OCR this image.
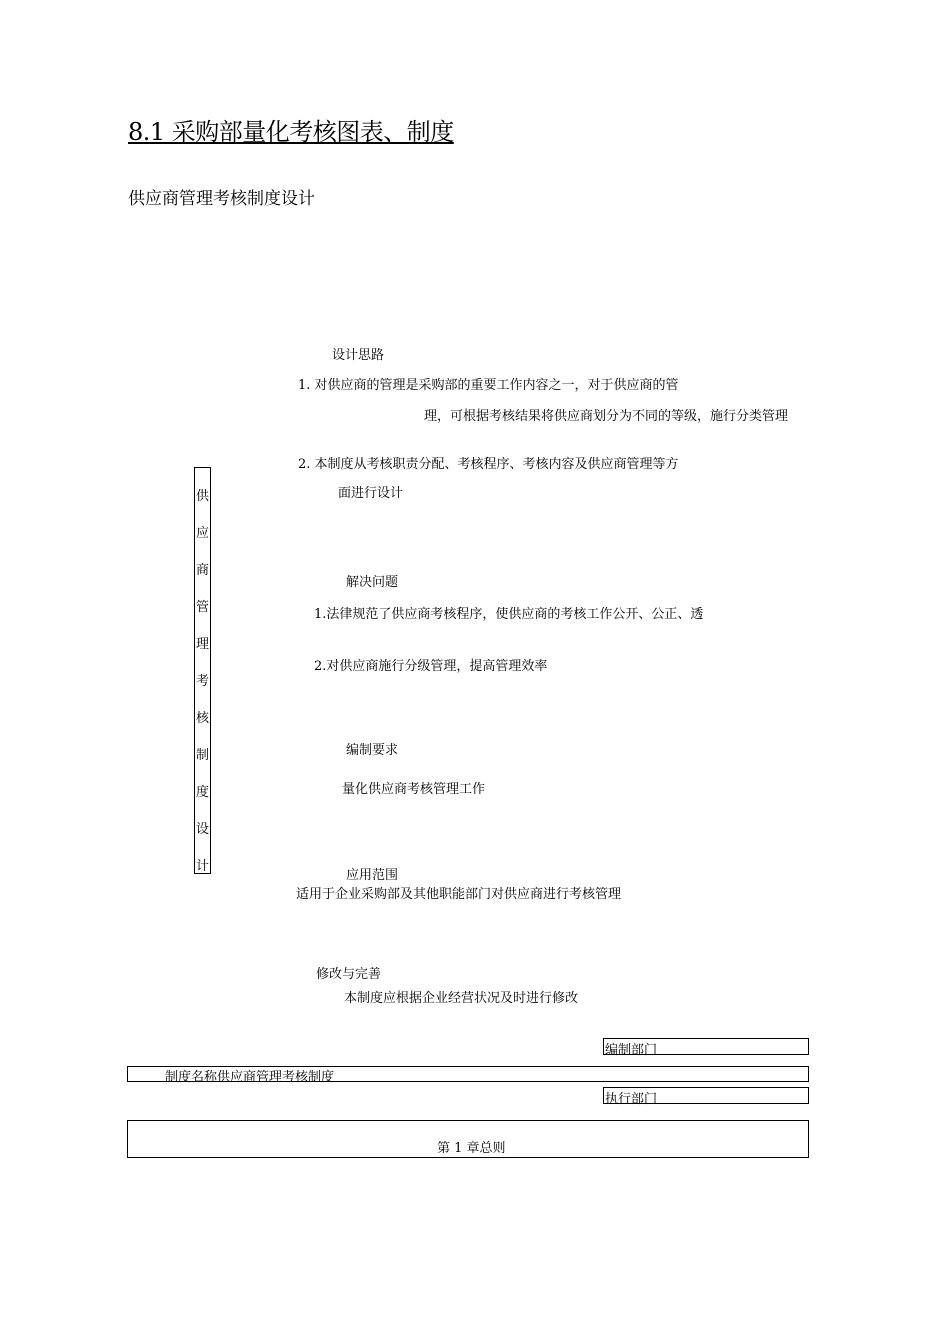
8.1 采购部量化考核图表、制度
供应商管理考核制度设计
供
应
商
管
理
考
核
制
度
设
计
设计思路
1. 对供应商的管理是采购部的重要工作内容之一，对于供应商的管
理，可根据考核结果将供应商划分为不同的等级，施行分类管理
2. 本制度从考核职责分配、考核程序、考核内容及供应商管理等方
面进行设计
解决问题
1.法律规范了供应商考核程序，使供应商的考核工作公开、公正、透
2.对供应商施行分级管理，提高管理效率
编制要求
量化供应商考核管理工作
应用范围
适用于企业采购部及其他职能部门对供应商进行考核管理
修改与完善
本制度应根据企业经营状况及时进行修改
编制部门
制度名称供应商管理考核制度
执行部门
第 1 章总则
